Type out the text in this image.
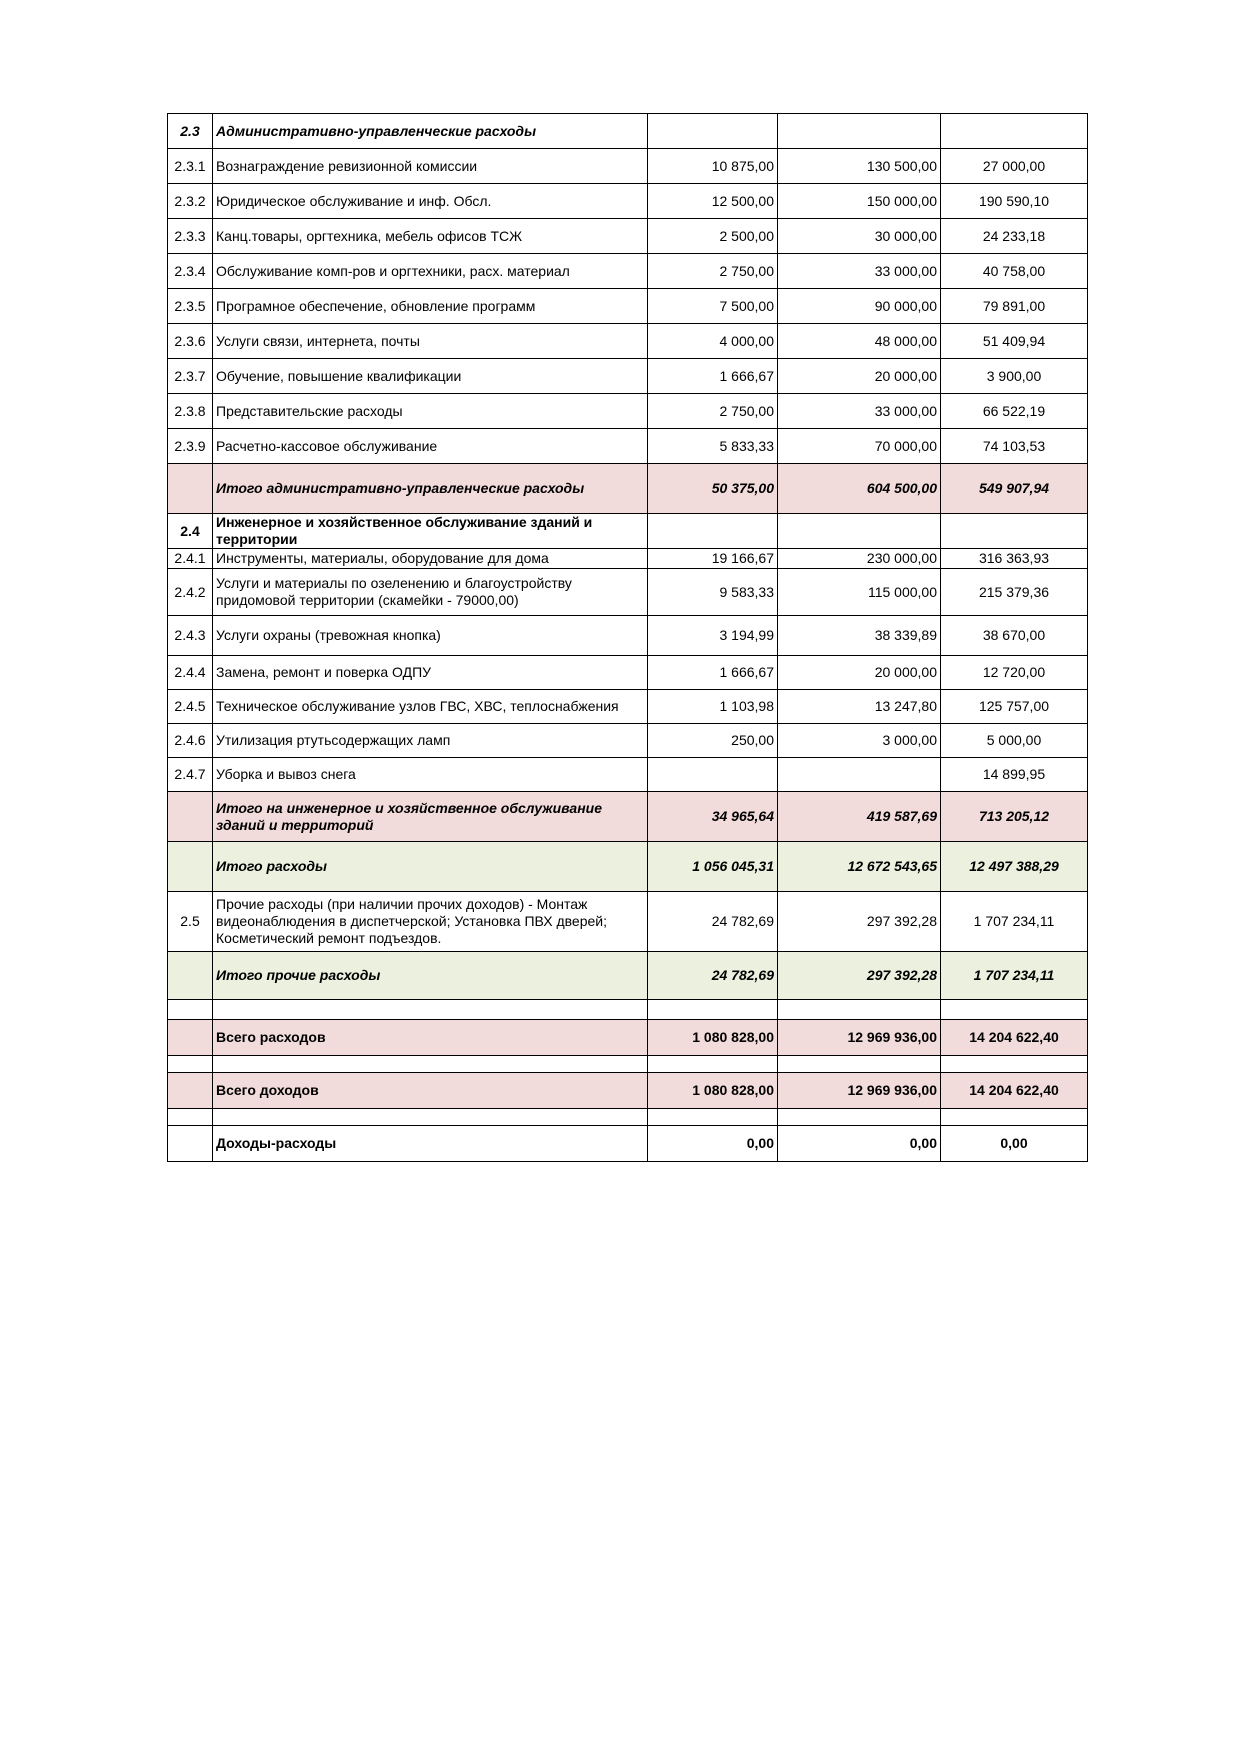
2.3	Административно-управленческие расходы			
2.3.1	Вознаграждение ревизионной комиссии	10 875,00	130 500,00	27 000,00
2.3.2	Юридическое обслуживание и инф. Обсл.	12 500,00	150 000,00	190 590,10
2.3.3	Канц.товары, оргтехника, мебель офисов ТСЖ	2 500,00	30 000,00	24 233,18
2.3.4	Обслуживание комп-ров и оргтехники, расх. материал	2 750,00	33 000,00	40 758,00
2.3.5	Програмное обеспечение, обновление программ	7 500,00	90 000,00	79 891,00
2.3.6	Услуги связи, интернета, почты	4 000,00	48 000,00	51 409,94
2.3.7	Обучение, повышение квалификации	1 666,67	20 000,00	3 900,00
2.3.8	Представительские расходы	2 750,00	33 000,00	66 522,19
2.3.9	Расчетно-кассовое обслуживание	5 833,33	70 000,00	74 103,53
	Итого административно-управленческие расходы	50 375,00	604 500,00	549 907,94
2.4	Инженерное и хозяйственное обслуживание зданий и территории			
2.4.1	Инструменты, материалы, оборудование для дома	19 166,67	230 000,00	316 363,93
2.4.2	Услуги и материалы по озеленению и благоустройству придомовой территории (скамейки - 79000,00)	9 583,33	115 000,00	215 379,36
2.4.3	Услуги охраны (тревожная кнопка)	3 194,99	38 339,89	38 670,00
2.4.4	Замена, ремонт и поверка ОДПУ	1 666,67	20 000,00	12 720,00
2.4.5	Техническое обслуживание узлов ГВС, ХВС, теплоснабжения	1 103,98	13 247,80	125 757,00
2.4.6	Утилизация ртутьсодержащих ламп	250,00	3 000,00	5 000,00
2.4.7	Уборка и вывоз снега			14 899,95
	Итого на инженерное и хозяйственное обслуживание зданий и территорий	34 965,64	419 587,69	713 205,12
	Итого расходы	1 056 045,31	12 672 543,65	12 497 388,29
2.5	Прочие расходы (при наличии прочих доходов) - Монтаж видеонаблюдения в диспетчерской; Установка ПВХ дверей; Косметический ремонт подъездов.	24 782,69	297 392,28	1 707 234,11
	Итого прочие расходы	24 782,69	297 392,28	1 707 234,11

	Всего расходов	1 080 828,00	12 969 936,00	14 204 622,40

	Всего доходов	1 080 828,00	12 969 936,00	14 204 622,40

	Доходы-расходы	0,00	0,00	0,00
